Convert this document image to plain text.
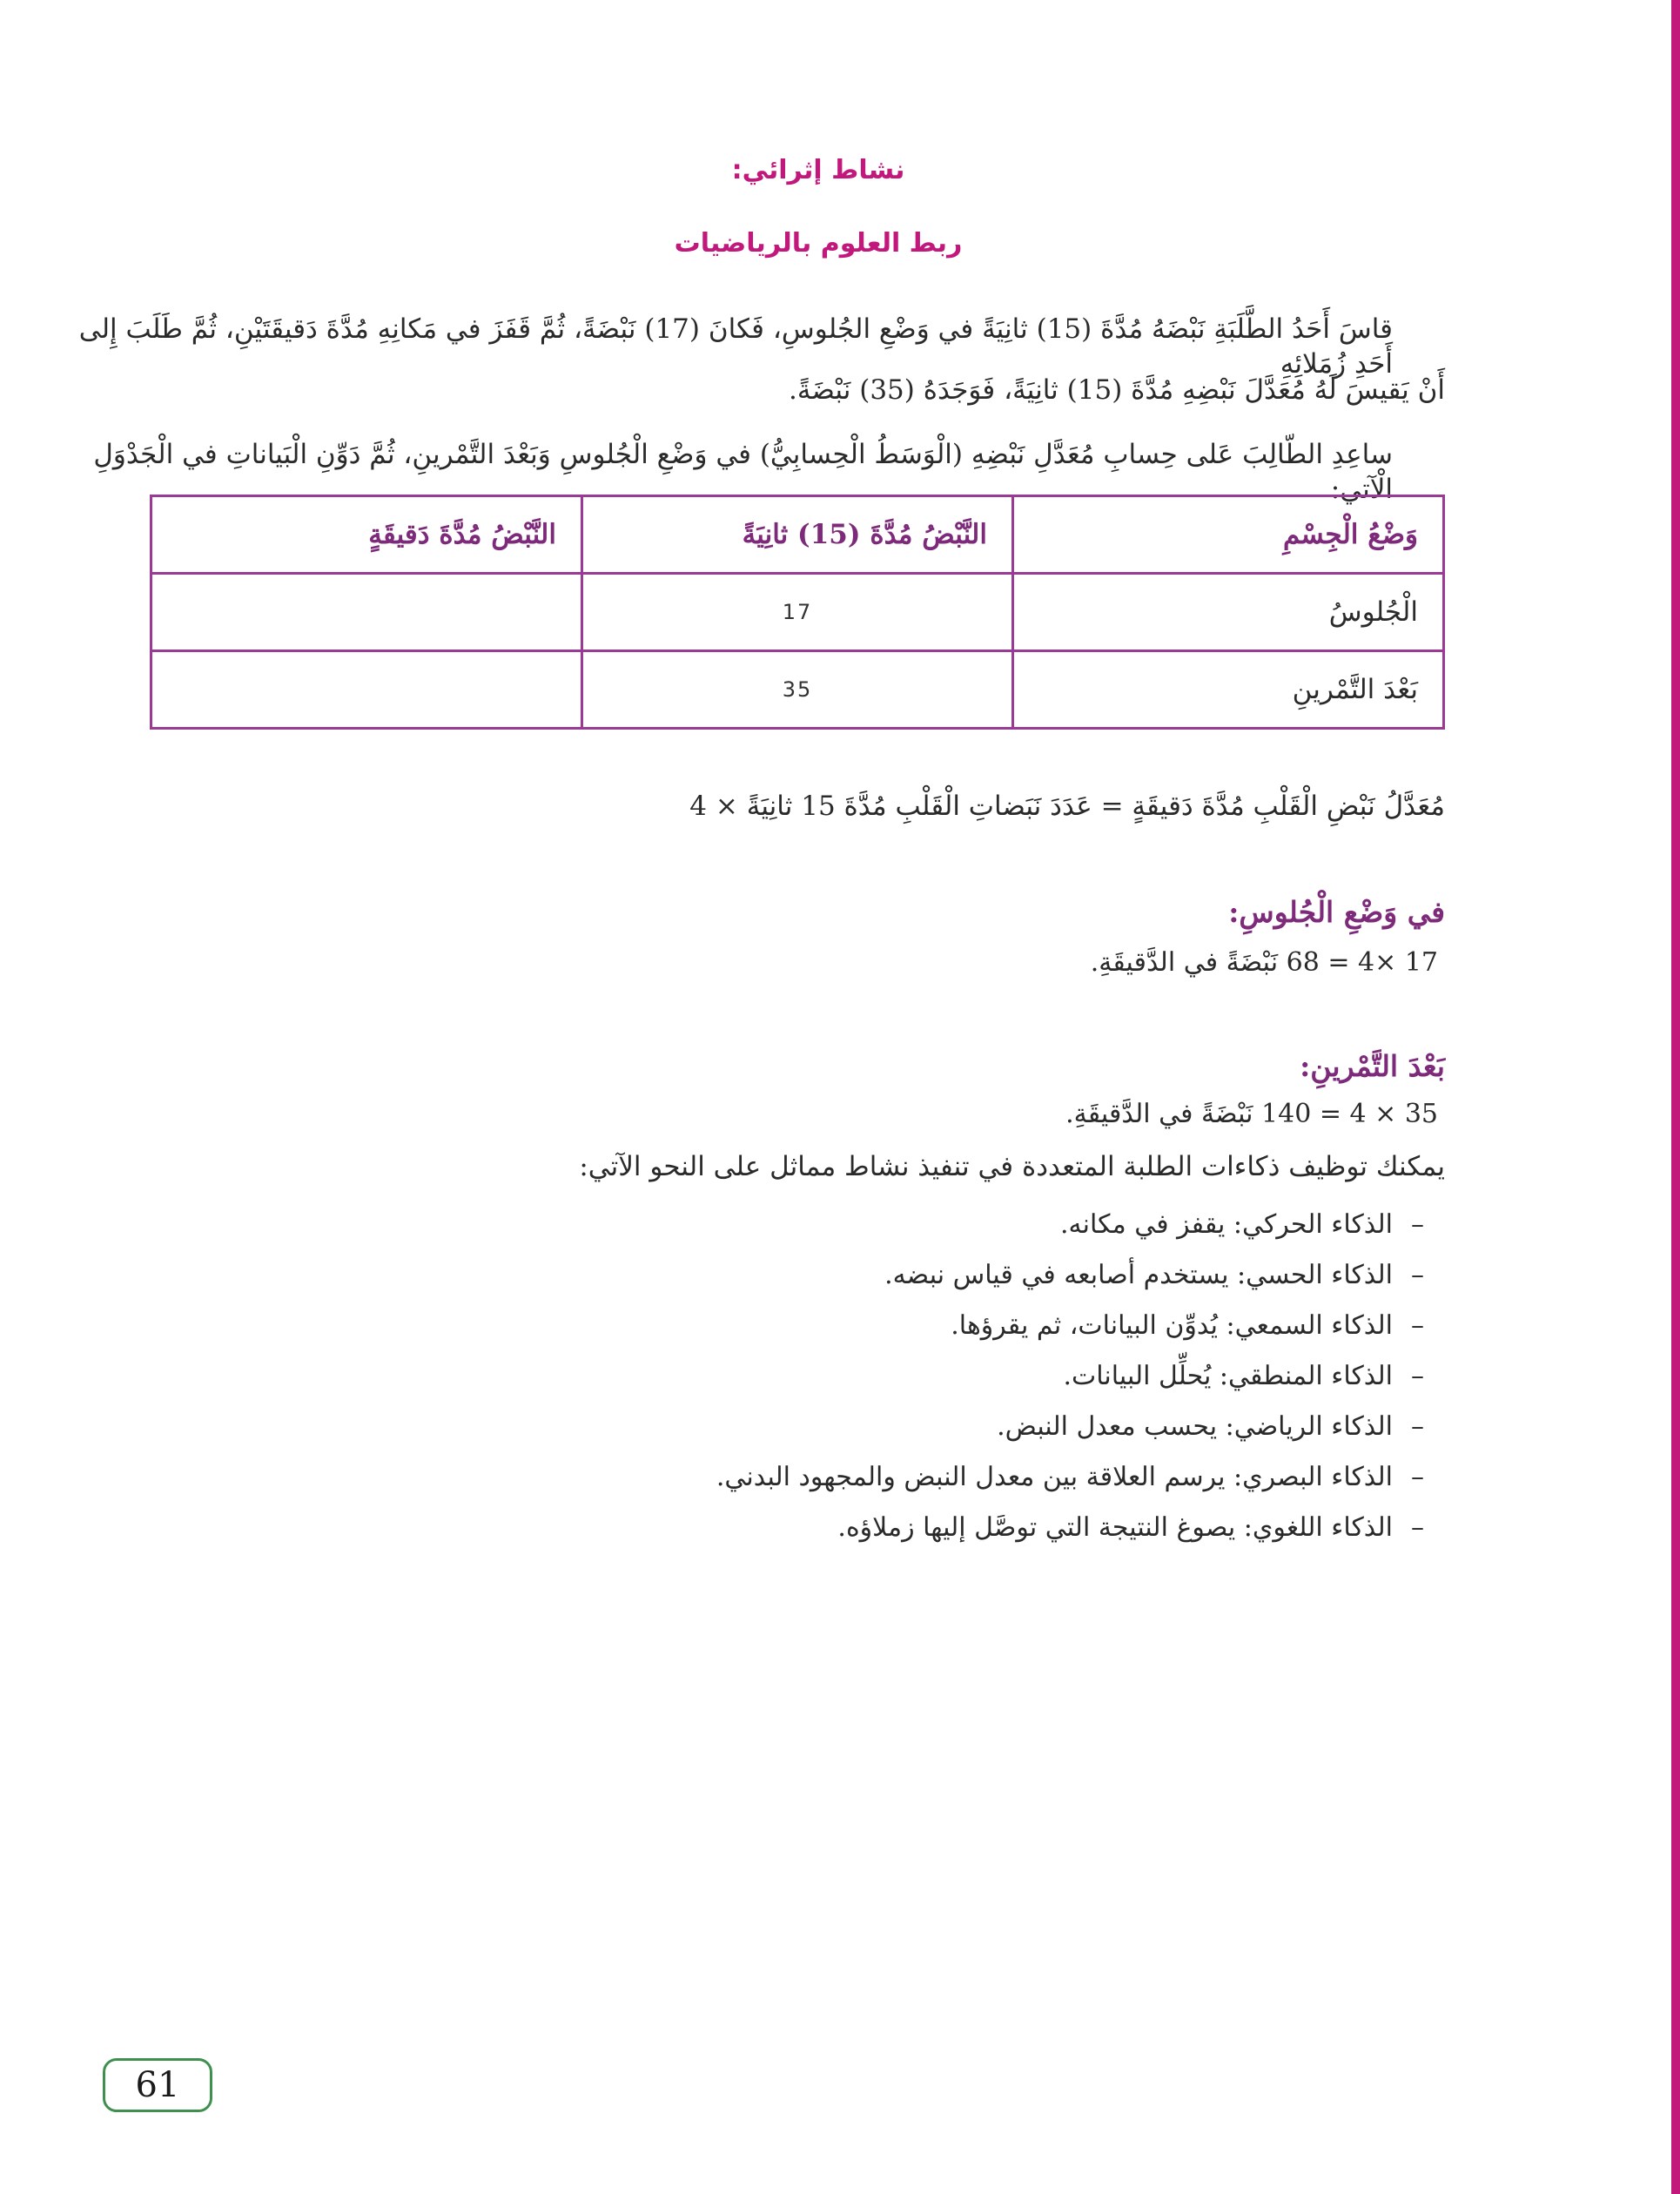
نشاط إثرائي:
ربط العلوم بالرياضيات
قاسَ أَحَدُ الطَّلَبَةِ نَبْضَهُ مُدَّةَ (15) ثانِيَةً في وَضْعِ الجُلوسِ، فَكانَ (17) نَبْضَةً، ثُمَّ قَفَزَ في مَكانِهِ مُدَّةَ دَقيقَتَيْنِ، ثُمَّ طَلَبَ إِلى أَحَدِ زُمَلائِهِ
أَنْ يَقيسَ لَهُ مُعَدَّلَ نَبْضِهِ مُدَّةَ (15) ثانِيَةً، فَوَجَدَهُ (35) نَبْضَةً.
ساعِدِ الطّالِبَ عَلى حِسابِ مُعَدَّلِ نَبْضِهِ (الْوَسَطُ الْحِسابِيُّ) في وَضْعِ الْجُلوسِ وَبَعْدَ التَّمْرينِ، ثُمَّ دَوِّنِ الْبَياناتِ في الْجَدْوَلِ الْآتي:
وَضْعُ الْجِسْمِ	النَّبْضُ مُدَّةَ (15) ثانِيَةً	النَّبْضُ مُدَّةَ دَقيقَةٍ
الْجُلوسُ	17	
بَعْدَ التَّمْرينِ	35	
مُعَدَّلُ نَبْضِ الْقَلْبِ مُدَّةَ دَقيقَةٍ = عَدَدَ نَبَضاتِ الْقَلْبِ مُدَّةَ 15 ثانِيَةً × 4
في وَضْعِ الْجُلوسِ:
17 ×4 = 68 نَبْضَةً في الدَّقيقَةِ.
بَعْدَ التَّمْرينِ:
35 × 4 = 140 نَبْضَةً في الدَّقيقَةِ.
يمكنك توظيف ذكاءات الطلبة المتعددة في تنفيذ نشاط مماثل على النحو الآتي:
–الذكاء الحركي: يقفز في مكانه.
–الذكاء الحسي: يستخدم أصابعه في قياس نبضه.
–الذكاء السمعي: يُدوِّن البيانات، ثم يقرؤها.
–الذكاء المنطقي: يُحلِّل البيانات.
–الذكاء الرياضي: يحسب معدل النبض.
–الذكاء البصري: يرسم العلاقة بين معدل النبض والمجهود البدني.
–الذكاء اللغوي: يصوغ النتيجة التي توصَّل إليها زملاؤه.
61
